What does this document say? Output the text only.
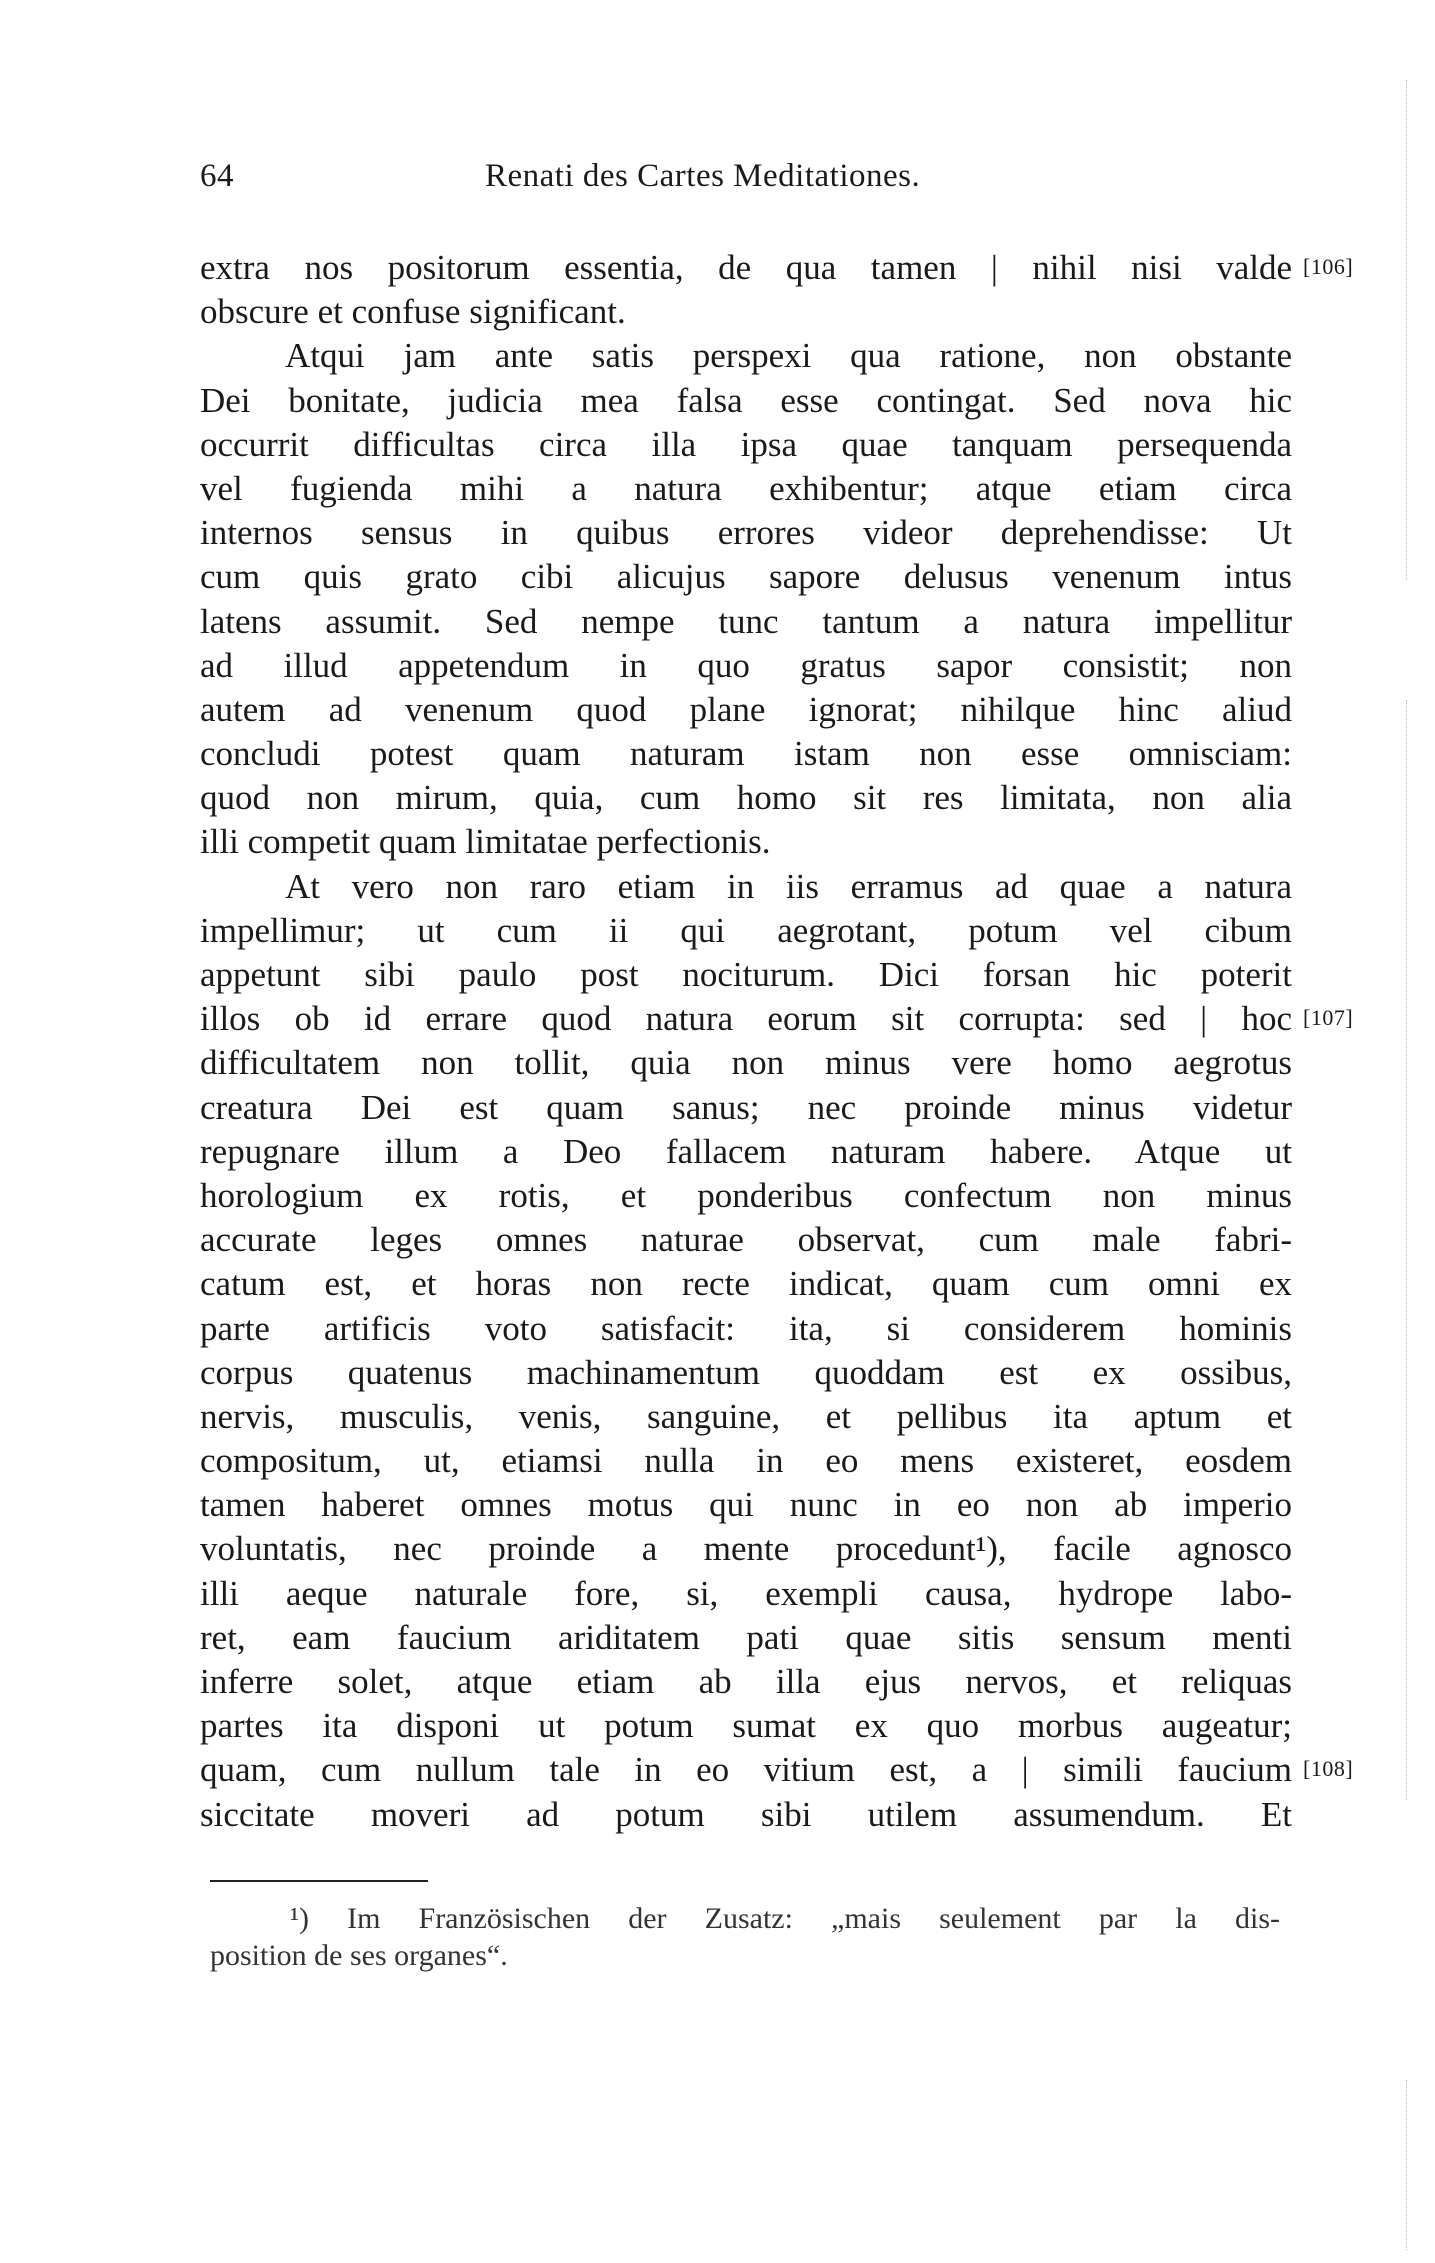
64	Renati des Cartes Meditationes.
extra nos positorum essentia, de qua tamen | nihil nisi valde
obscure et confuse significant.
Atqui jam ante satis perspexi qua ratione, non obstante
Dei bonitate, judicia mea falsa esse contingat. Sed nova hic
occurrit difficultas circa illa ipsa quae tanquam persequenda
vel fugienda mihi a natura exhibentur; atque etiam circa
internos sensus in quibus errores videor deprehendisse: Ut
cum quis grato cibi alicujus sapore delusus venenum intus
latens assumit. Sed nempe tunc tantum a natura impellitur
ad illud appetendum in quo gratus sapor consistit; non
autem ad venenum quod plane ignorat; nihilque hinc aliud
concludi potest quam naturam istam non esse omnisciam:
quod non mirum, quia, cum homo sit res limitata, non alia
illi competit quam limitatae perfectionis.
At vero non raro etiam in iis erramus ad quae a natura
impellimur; ut cum ii qui aegrotant, potum vel cibum
appetunt sibi paulo post nociturum. Dici forsan hic poterit
illos ob id errare quod natura eorum sit corrupta: sed | hoc
difficultatem non tollit, quia non minus vere homo aegrotus
creatura Dei est quam sanus; nec proinde minus videtur
repugnare illum a Deo fallacem naturam habere. Atque ut
horologium ex rotis, et ponderibus confectum non minus
accurate leges omnes naturae observat, cum male fabri-
catum est, et horas non recte indicat, quam cum omni ex
parte artificis voto satisfacit: ita, si considerem hominis
corpus quatenus machinamentum quoddam est ex ossibus,
nervis, musculis, venis, sanguine, et pellibus ita aptum et
compositum, ut, etiamsi nulla in eo mens existeret, eosdem
tamen haberet omnes motus qui nunc in eo non ab imperio
voluntatis, nec proinde a mente procedunt¹), facile agnosco
illi aeque naturale fore, si, exempli causa, hydrope labo-
ret, eam faucium ariditatem pati quae sitis sensum menti
inferre solet, atque etiam ab illa ejus nervos, et reliquas
partes ita disponi ut potum sumat ex quo morbus augeatur;
quam, cum nullum tale in eo vitium est, a | simili faucium
siccitate moveri ad potum sibi utilem assumendum. Et
[106]
[107]
[108]
¹) Im Französischen der Zusatz: „mais seulement par la dis-
position de ses organes“.
